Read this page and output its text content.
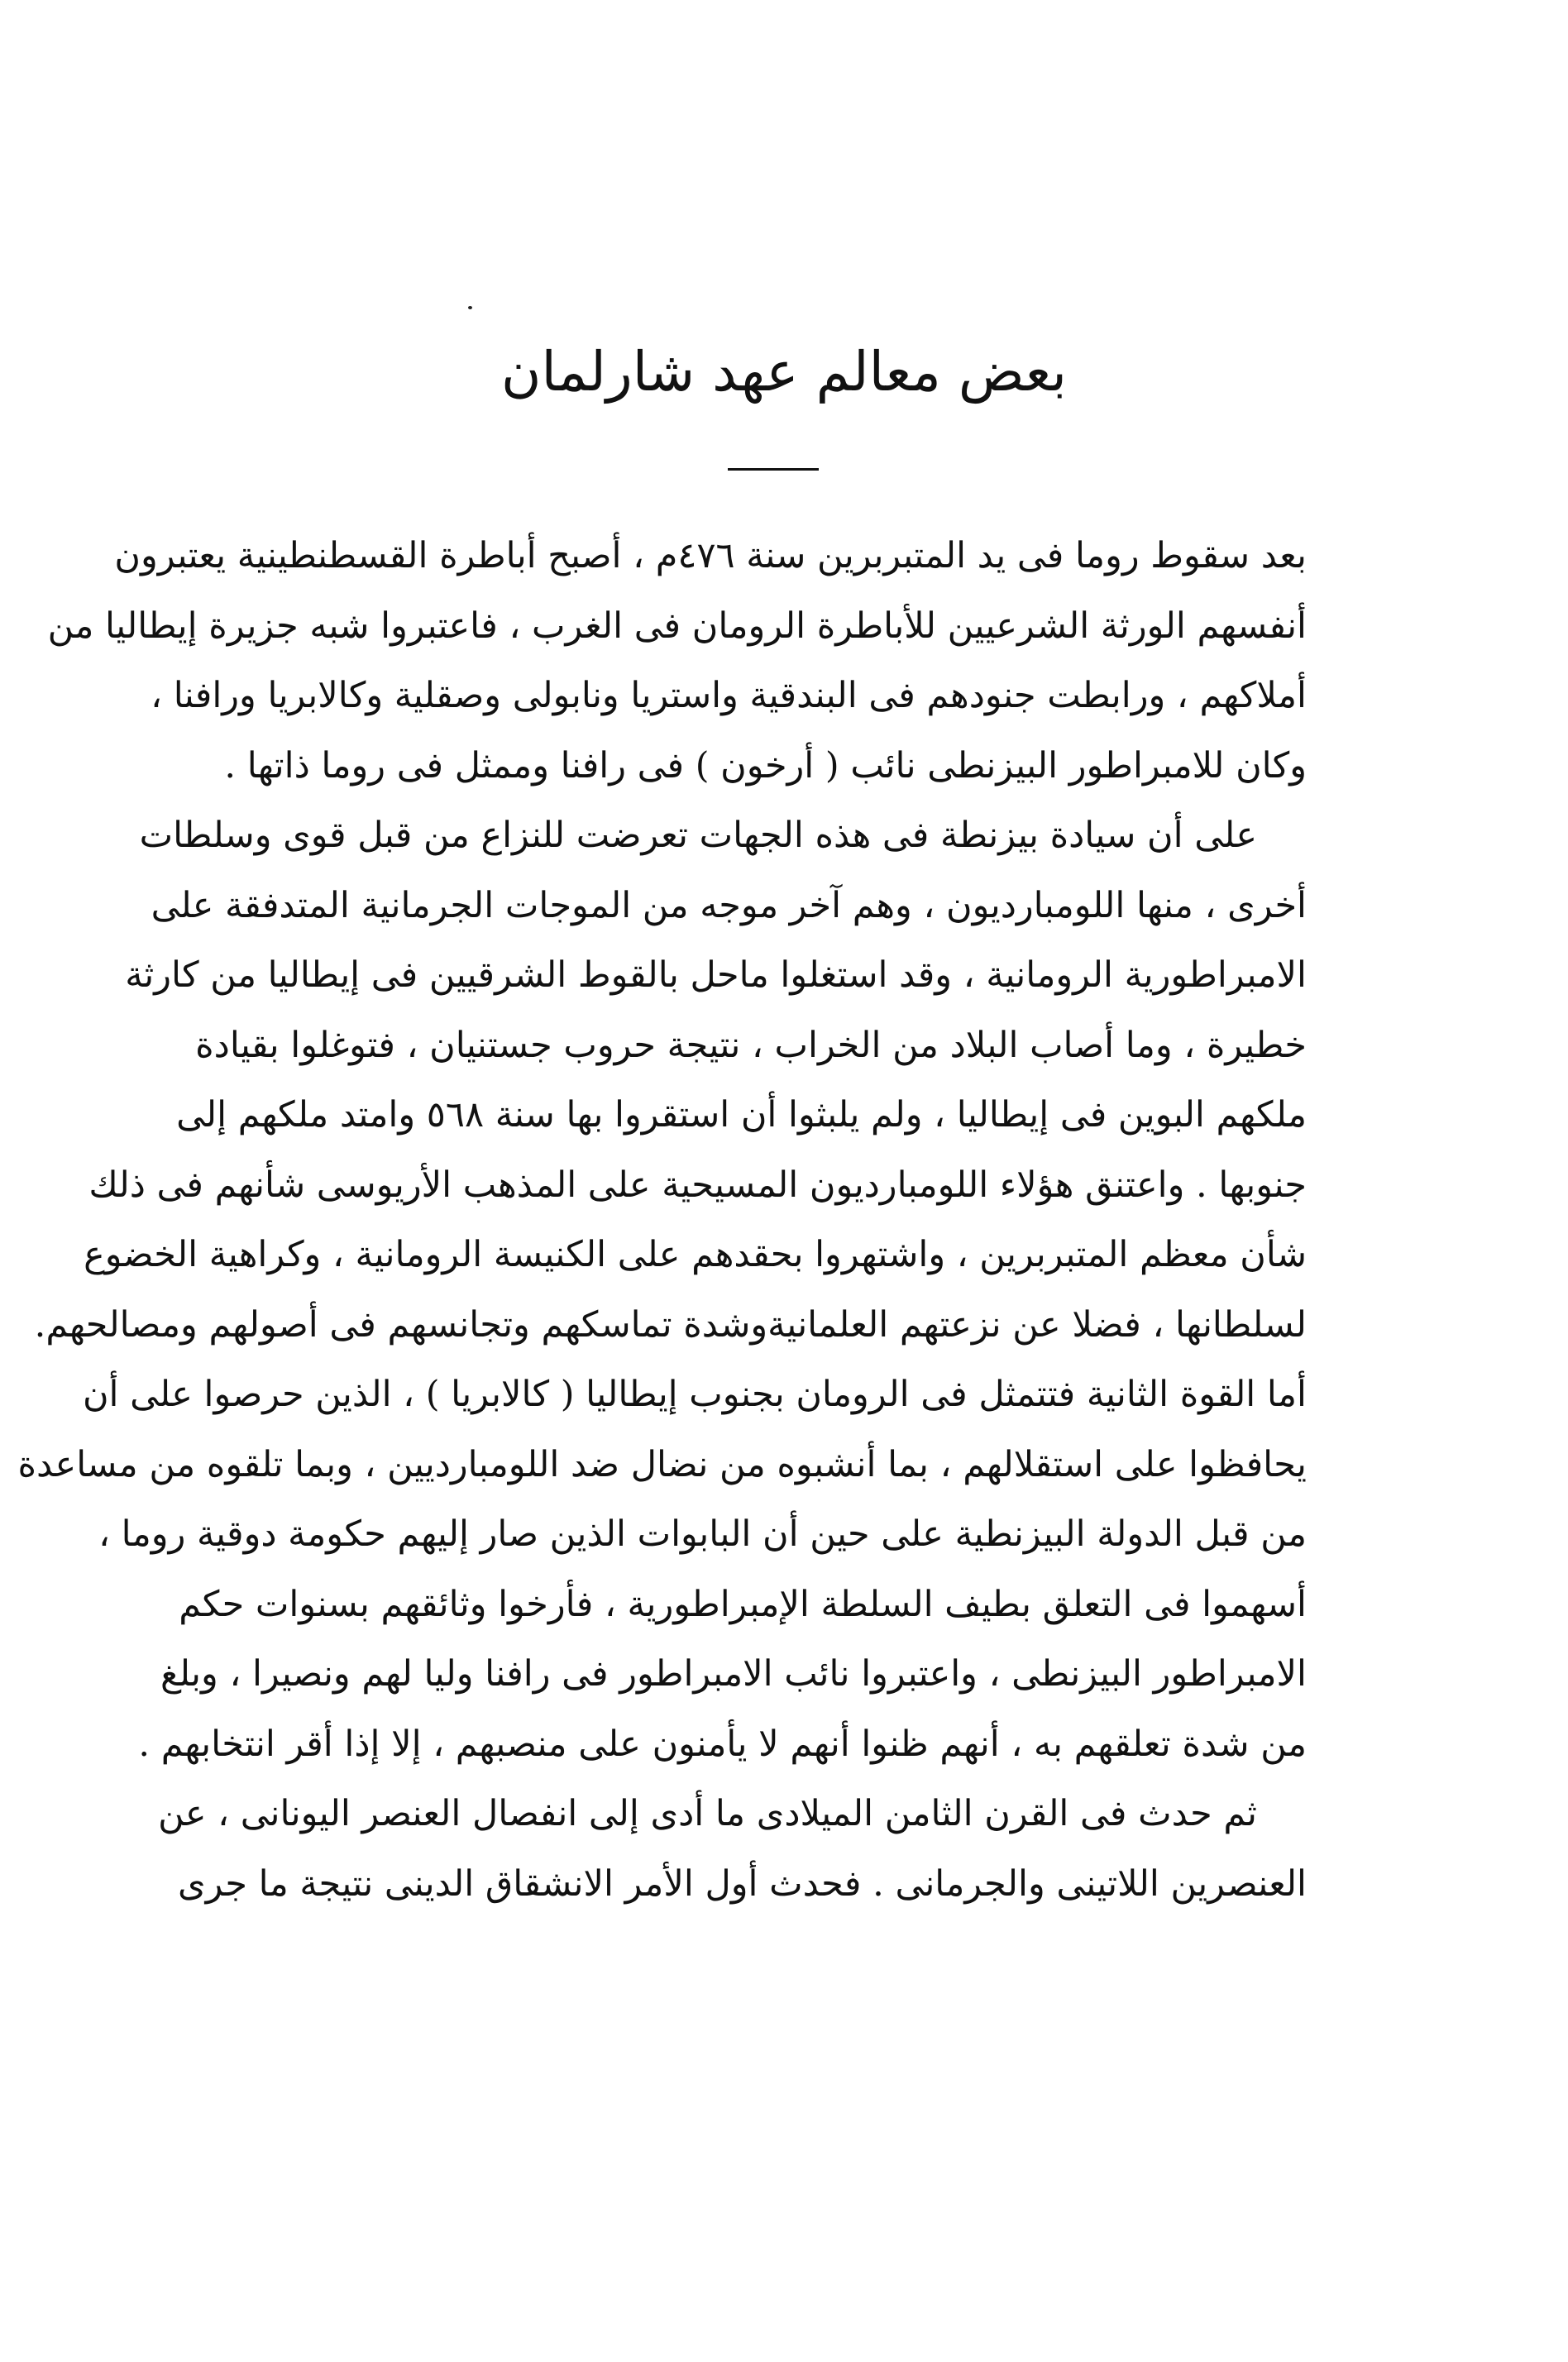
بعض معالم عهد شارلمان
بعد سقوط روما فى يد المتبربرين سنة ٤٧٦م ، أصبح أباطرة القسطنطينية يعتبرون
أنفسهم الورثة الشرعيين للأباطرة الرومان فى الغرب ، فاعتبروا شبه جزيرة إيطاليا من
أملاكهم ، ورابطت جنودهم فى البندقية واستريا ونابولى وصقلية وكالابريا ورافنا ،
وكان للامبراطور البيزنطى نائب ( أرخون ) فى رافنا وممثل فى روما ذاتها .
على أن سيادة بيزنطة فى هذه الجهات تعرضت للنزاع من قبل قوى وسلطات
أخرى ، منها اللومبارديون ، وهم آخر موجه من الموجات الجرمانية المتدفقة على
الامبراطورية الرومانية ، وقد استغلوا ماحل بالقوط الشرقيين فى إيطاليا من كارثة
خطيرة ، وما أصاب البلاد من الخراب ، نتيجة حروب جستنيان ، فتوغلوا بقيادة
ملكهم البوين فى إيطاليا ، ولم يلبثوا أن استقروا بها سنة ٥٦٨ وامتد ملكهم إلى
جنوبها . واعتنق هؤلاء اللومبارديون المسيحية على المذهب الأريوسى شأنهم فى ذلك
شأن معظم المتبربرين ، واشتهروا بحقدهم على الكنيسة الرومانية ، وكراهية الخضوع
لسلطانها ، فضلا عن نزعتهم العلمانيةوشدة تماسكهم وتجانسهم فى أصولهم ومصالحهم.
أما القوة الثانية فتتمثل فى الرومان بجنوب إيطاليا ( كالابريا ) ، الذين حرصوا على أن
يحافظوا على استقلالهم ، بما أنشبوه من نضال ضد اللومبارديين ، وبما تلقوه من مساعدة
من قبل الدولة البيزنطية على حين أن البابوات الذين صار إليهم حكومة دوقية روما ،
أسهموا فى التعلق بطيف السلطة الإمبراطورية ، فأرخوا وثائقهم بسنوات حكم
الامبراطور البيزنطى ، واعتبروا نائب الامبراطور فى رافنا وليا لهم ونصيرا ، وبلغ
من شدة تعلقهم به ، أنهم ظنوا أنهم لا يأمنون على منصبهم ، إلا إذا أقر انتخابهم .
ثم حدث فى القرن الثامن الميلادى ما أدى إلى انفصال العنصر اليونانى ، عن
العنصرين اللاتينى والجرمانى . فحدث أول الأمر الانشقاق الدينى نتيجة ما جرى
